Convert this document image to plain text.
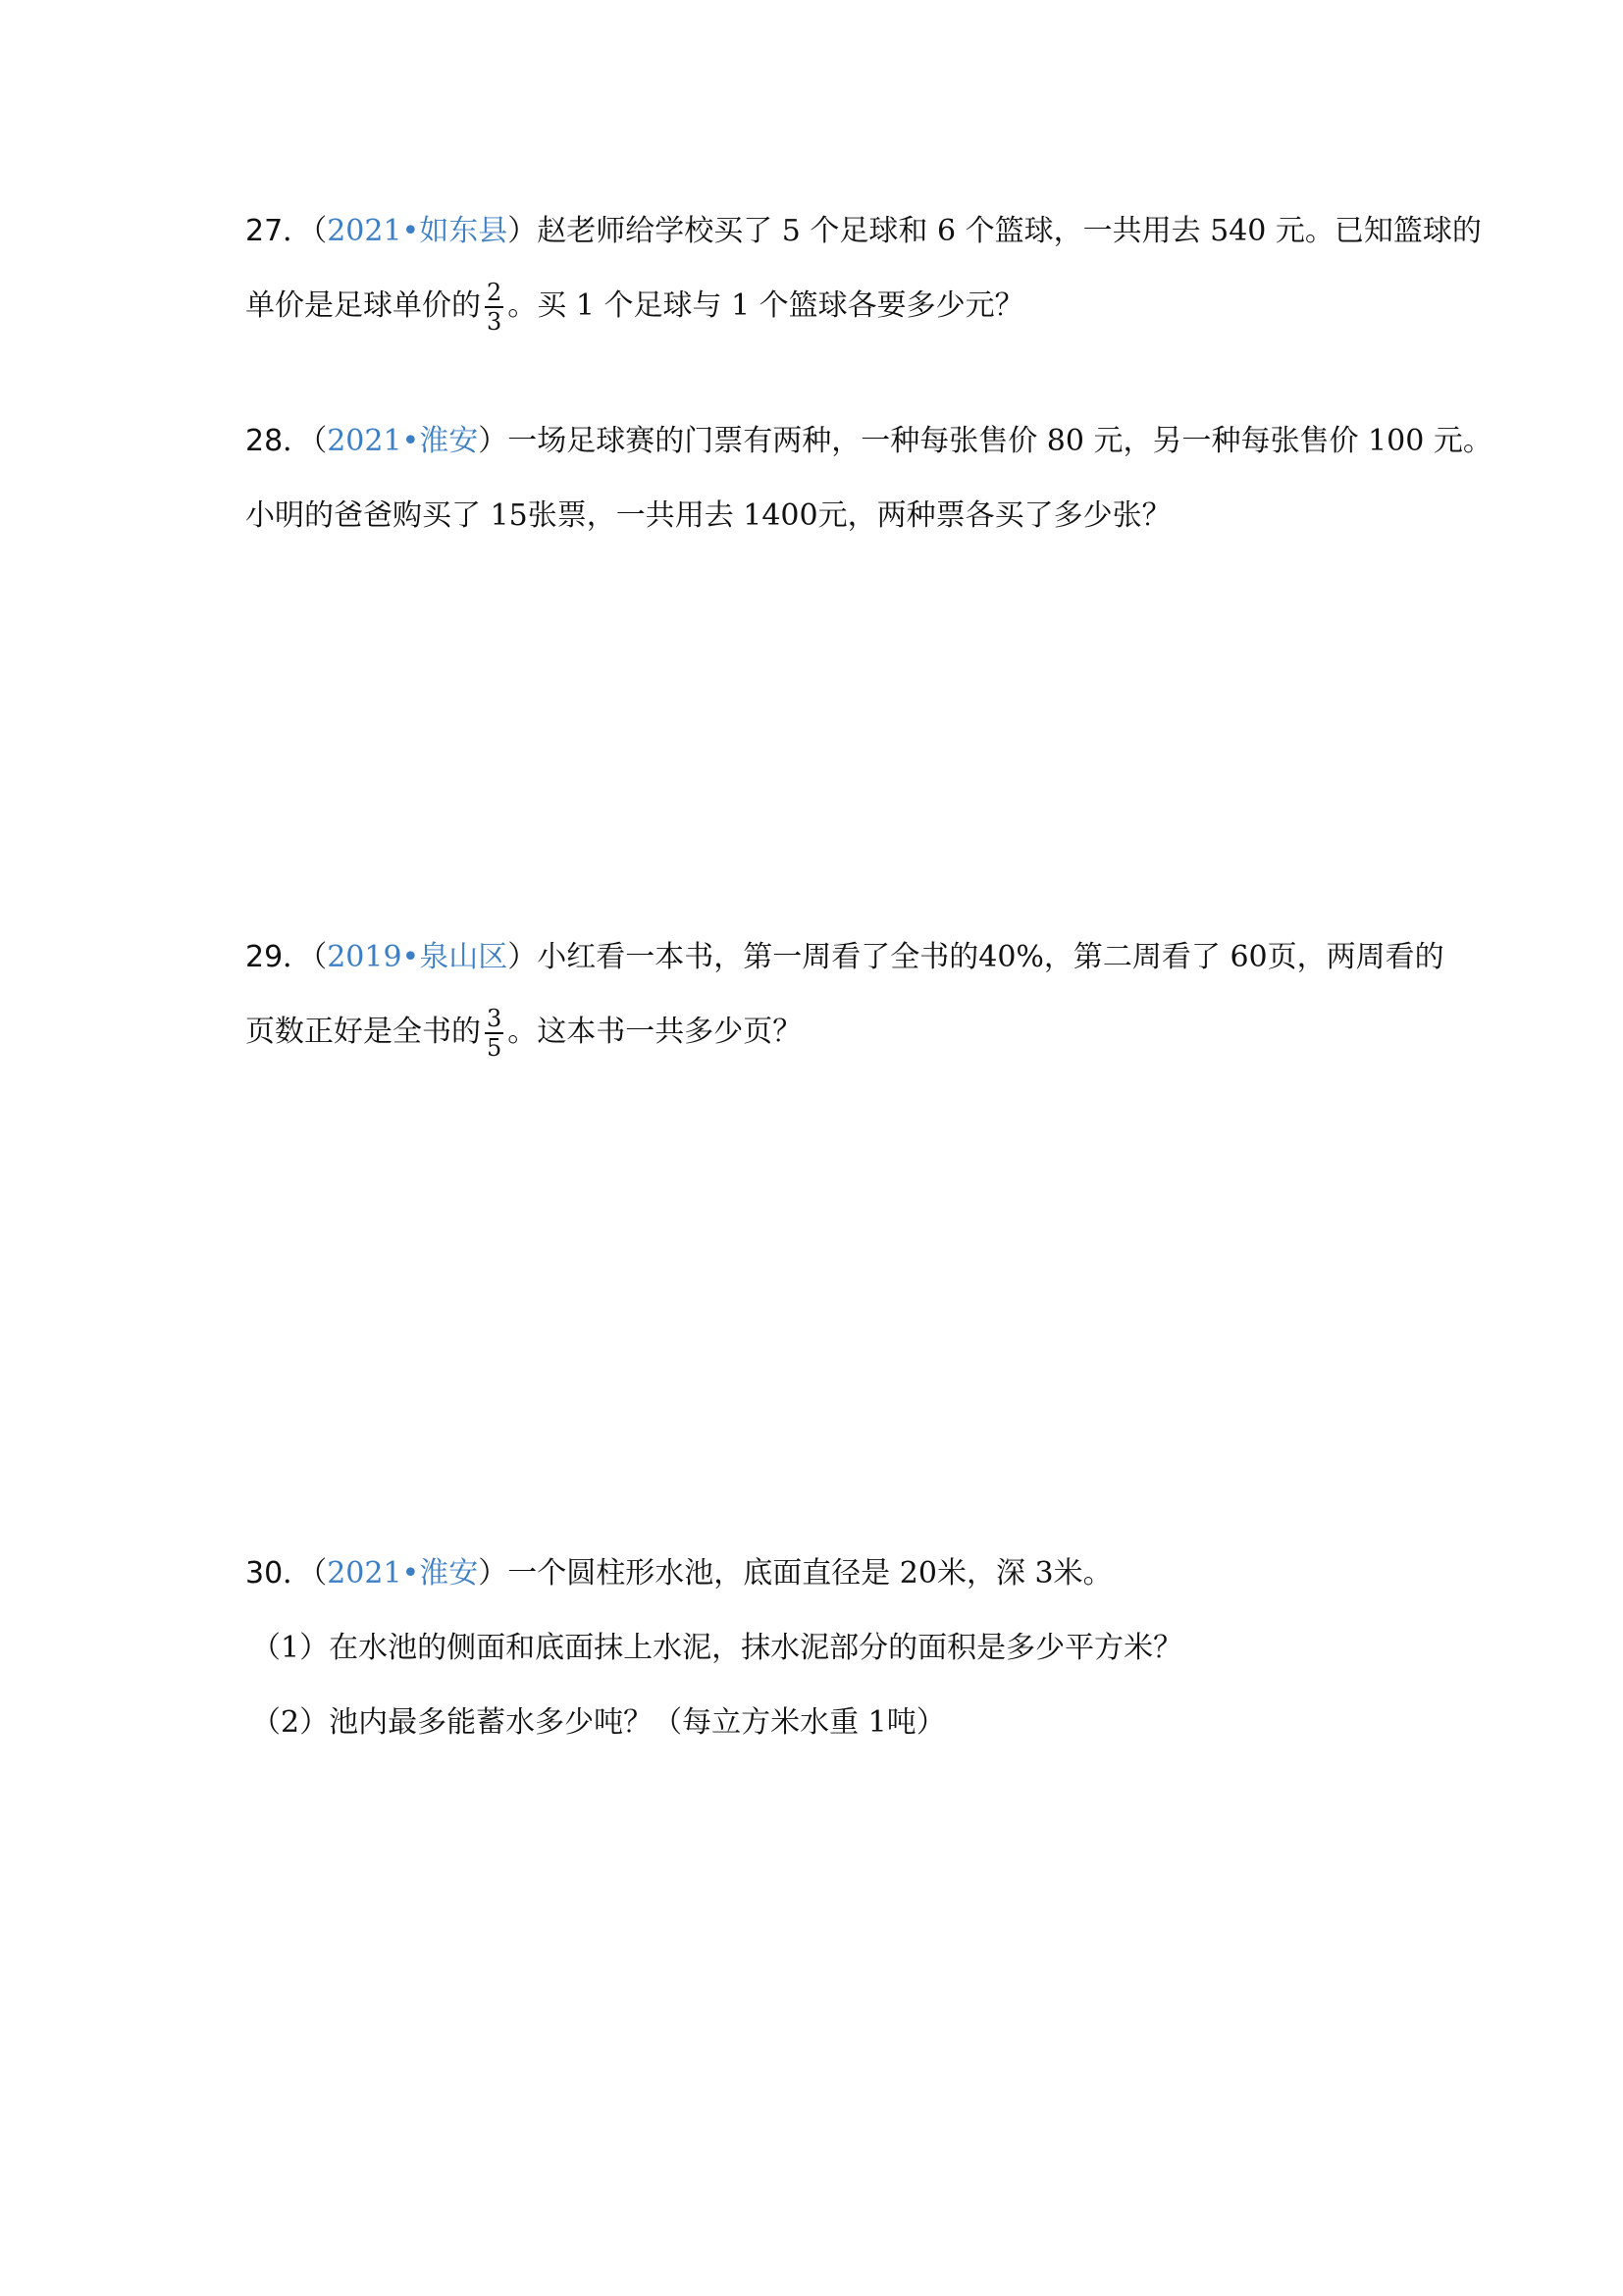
27．（2021•如东县）赵老师给学校买了 5 个足球和 6 个篮球，一共用去 540 元。已知篮球的
单价是足球单价的 $\frac{2}{3}$ 。买 1 个足球与 1 个篮球各要多少元？
28．（2021•淮安）一场足球赛的门票有两种，一种每张售价 80 元，另一种每张售价 100 元。
小明的爸爸购买了 15张票，一共用去 1400元，两种票各买了多少张？
29．（2019•泉山区）小红看一本书，第一周看了全书的40%，第二周看了 60页，两周看的
页数正好是全书的 $\frac{3}{5}$ 。这本书一共多少页？
30．（2021•淮安）一个圆柱形水池，底面直径是 20米，深 3米。
（1）在水池的侧面和底面抹上水泥，抹水泥部分的面积是多少平方米？
（2）池内最多能蓄水多少吨？（每立方米水重 1吨）
